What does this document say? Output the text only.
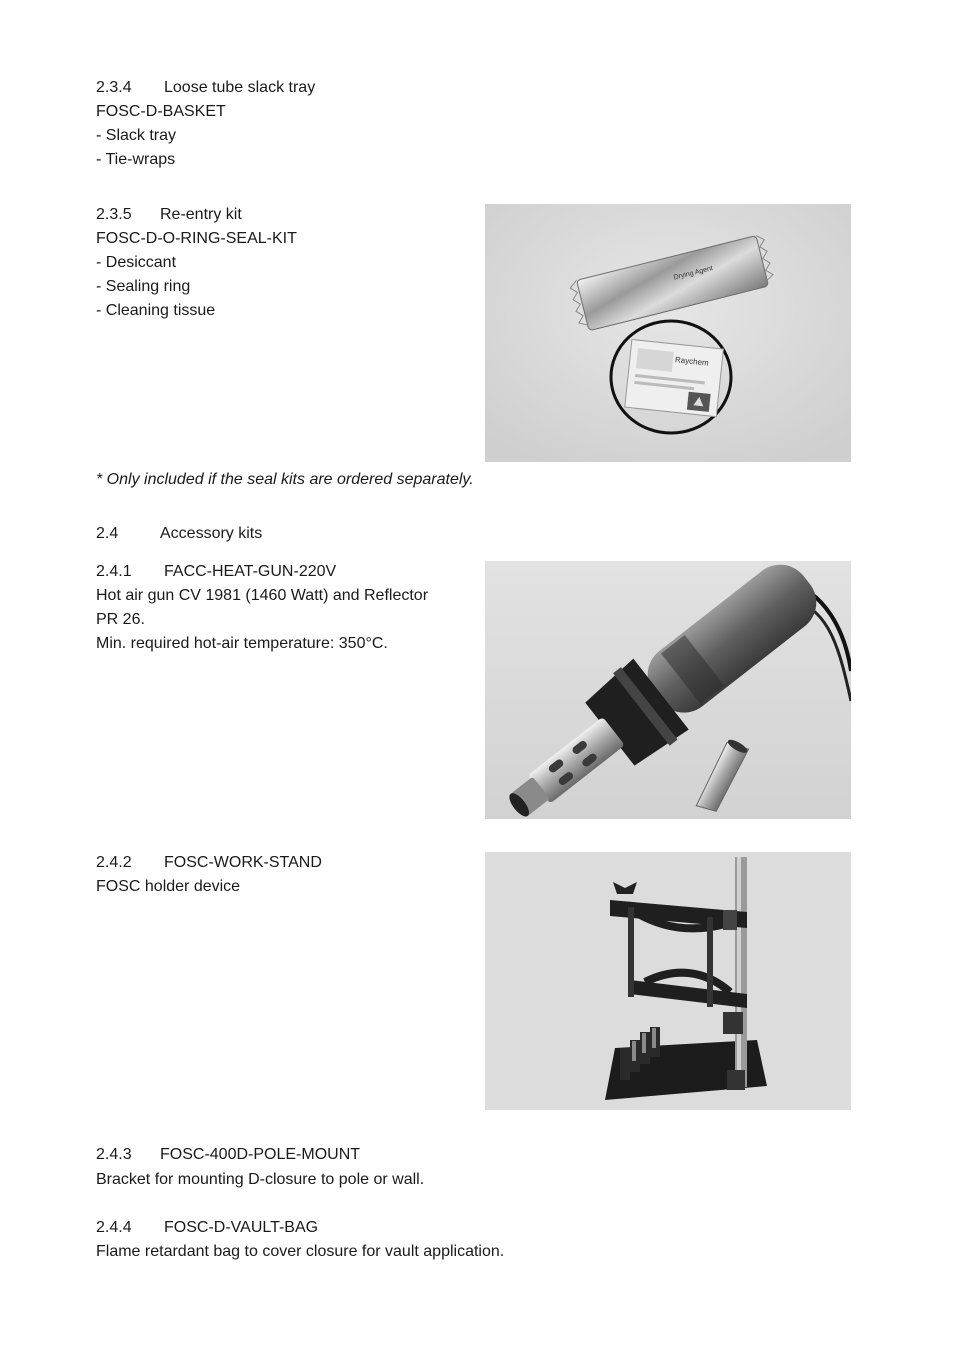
2.3.4 Loose tube slack tray
FOSC-D-BASKET
- Slack tray
- Tie-wraps
2.3.5 Re-entry kit
FOSC-D-O-RING-SEAL-KIT
- Desiccant
- Sealing ring
- Cleaning tissue
Drying Agent
Raychem
* Only included if the seal kits are ordered separately.
2.4	Accessory kits
2.4.1 FACC-HEAT-GUN-220V
Hot air gun CV 1981 (1460 Watt) and Reflector
PR 26.
Min. required hot-air temperature: 350°C.
2.4.2 FOSC-WORK-STAND
FOSC holder device
2.4.3 FOSC-400D-POLE-MOUNT
Bracket for mounting D-closure to pole or wall.
2.4.4 FOSC-D-VAULT-BAG
Flame retardant bag to cover closure for vault application.
